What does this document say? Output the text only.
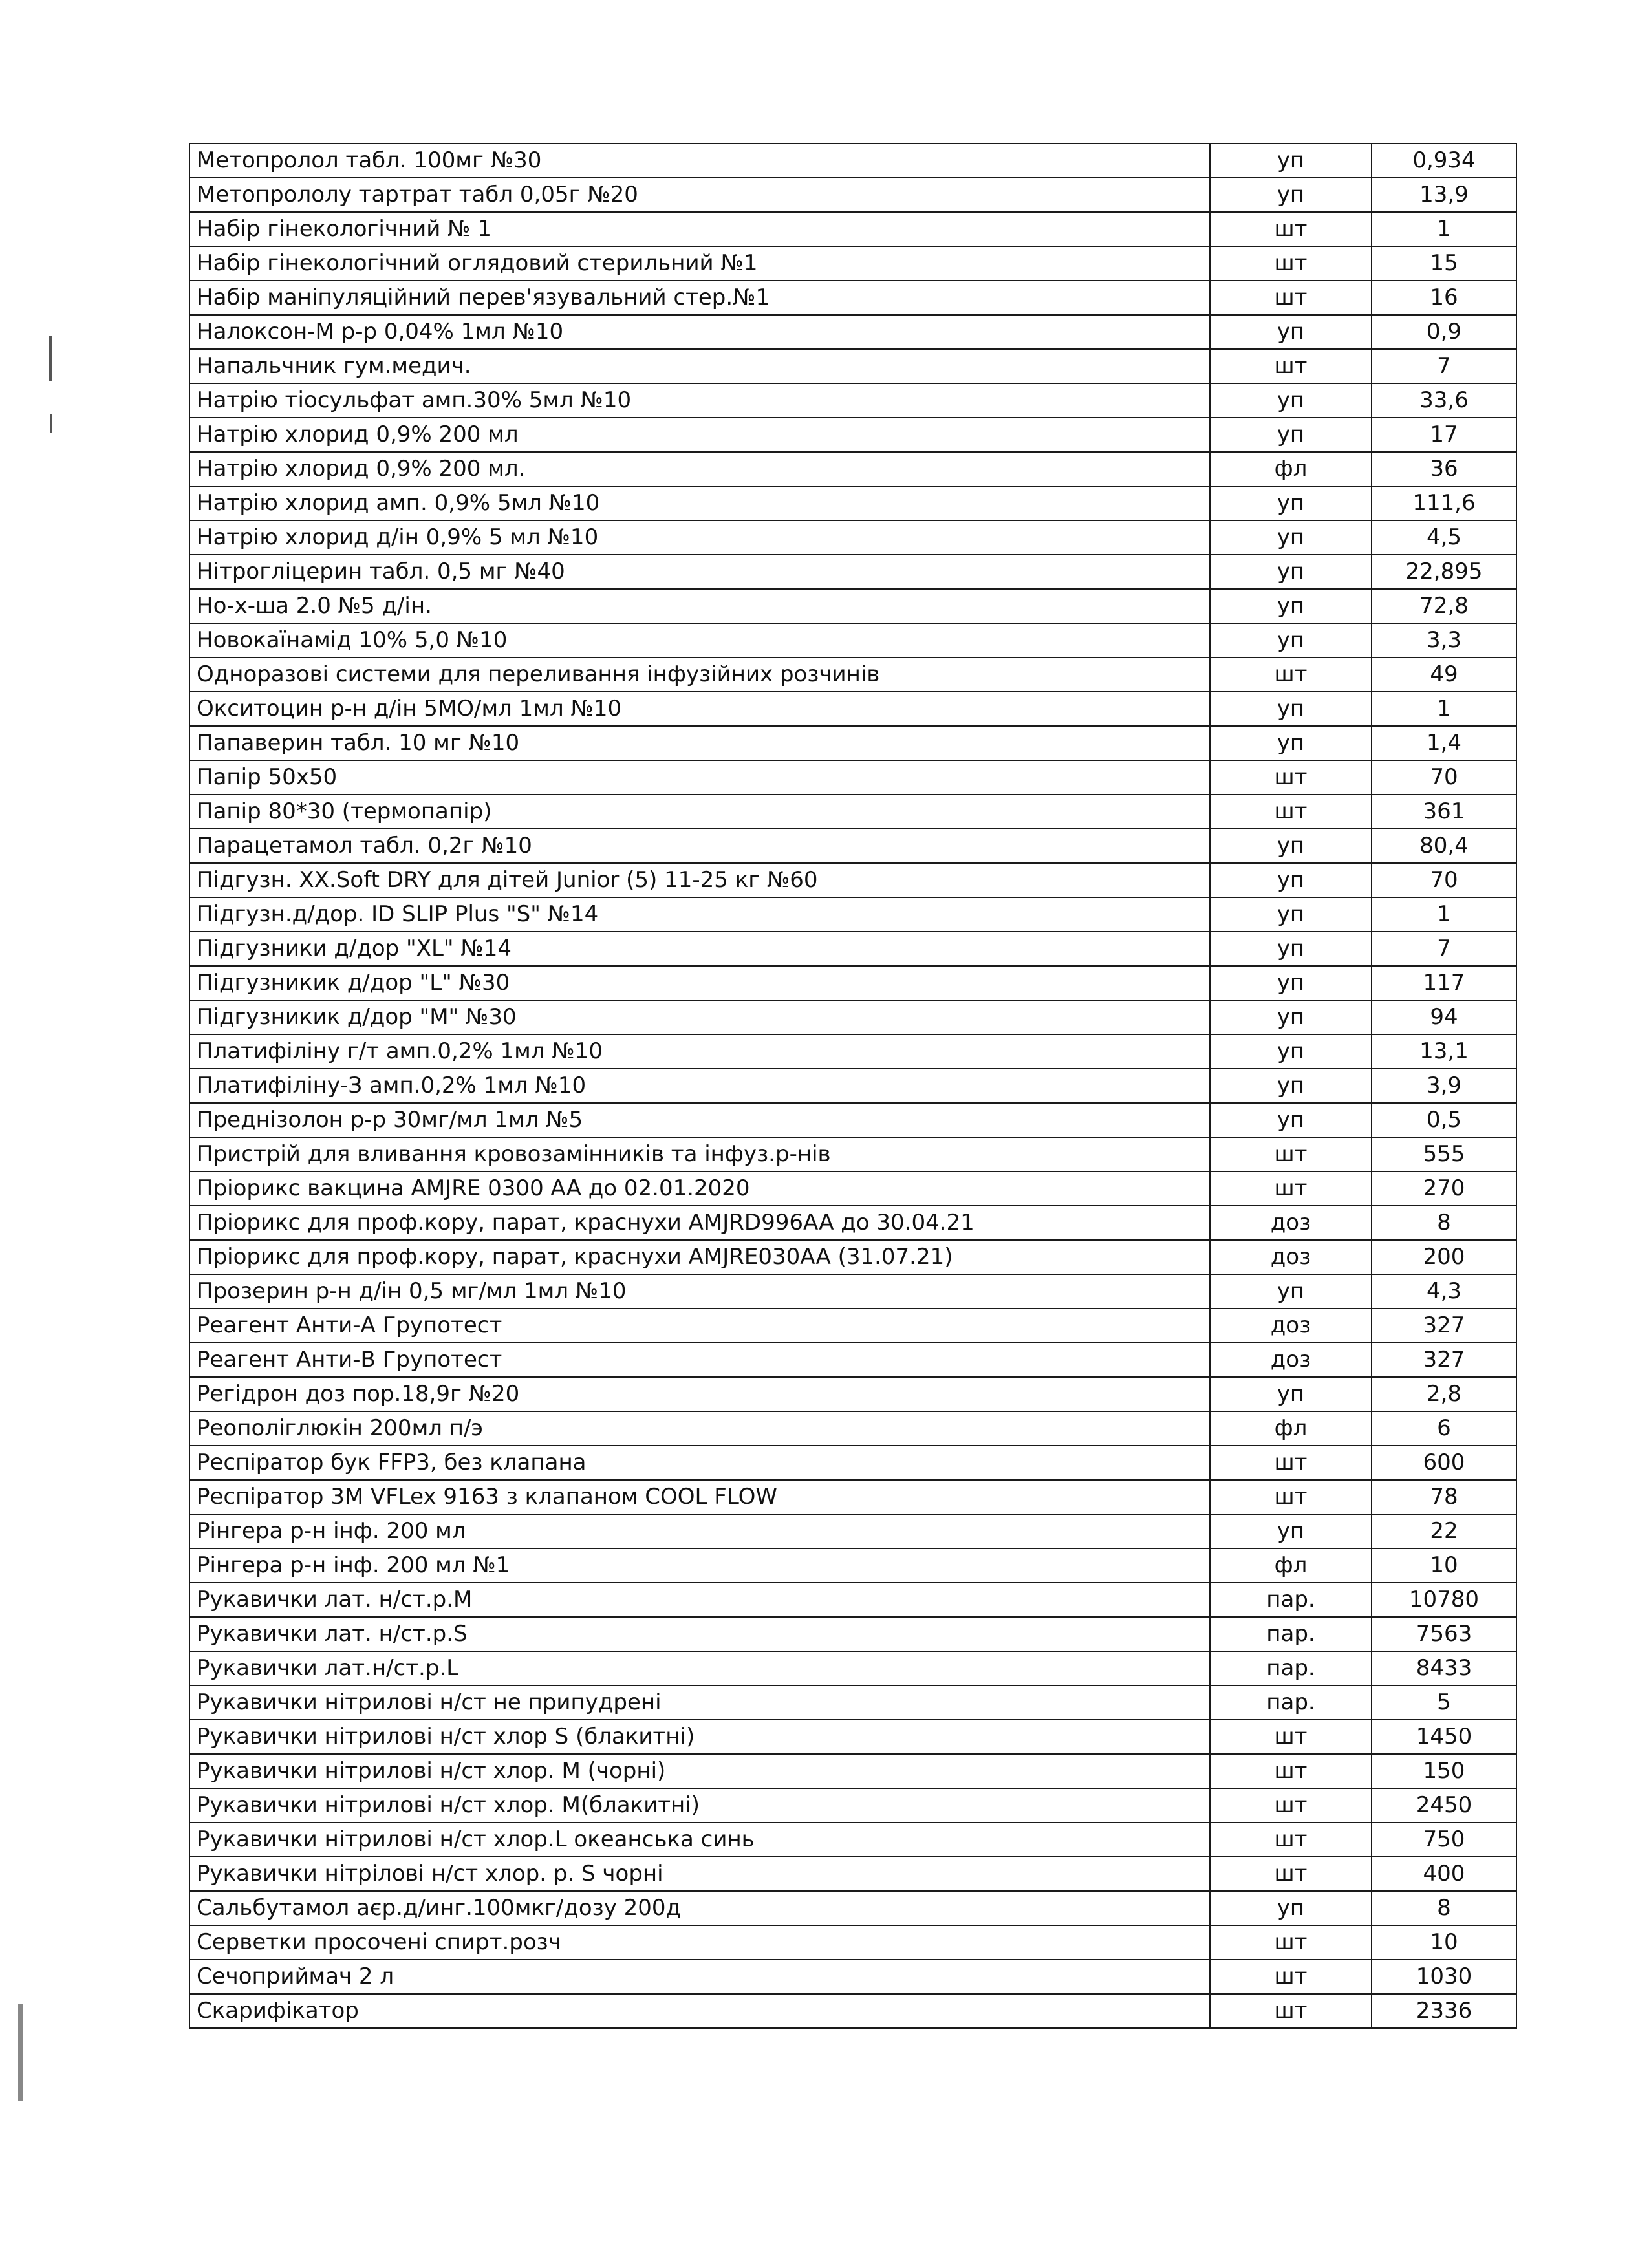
Метопролол табл. 100мг №30	уп	0,934
Метопрололу тартрат табл 0,05г №20	уп	13,9
Набір гінекологічний № 1	шт	1
Набір гінекологічний оглядовий стерильний №1	шт	15
Набір маніпуляційний перев'язувальний стер.№1	шт	16
Налоксон-М р-р 0,04% 1мл №10	уп	0,9
Напальчник гум.медич.	шт	7
Натрію тіосульфат амп.30% 5мл №10	уп	33,6
Натрію хлорид 0,9% 200 мл	уп	17
Натрію хлорид 0,9% 200 мл.	фл	36
Натрію хлорид амп. 0,9% 5мл №10	уп	111,6
Натрію хлорид д/ін 0,9% 5 мл №10	уп	4,5
Нітрогліцерин табл. 0,5 мг №40	уп	22,895
Но-х-ша 2.0 №5 д/ін.	уп	72,8
Новокаїнамід 10% 5,0 №10	уп	3,3
Одноразові системи для переливання інфузійних розчинів	шт	49
Окситоцин р-н д/ін 5МО/мл 1мл №10	уп	1
Папаверин табл. 10 мг №10	уп	1,4
Папір 50х50	шт	70
Папір 80*30 (термопапір)	шт	361
Парацетамол табл. 0,2г №10	уп	80,4
Підгузн. XX.Soft DRY для дітей Junior (5) 11-25 кг №60	уп	70
Підгузн.д/дор. ID SLIP Plus "S" №14	уп	1
Підгузники д/дор "XL" №14	уп	7
Підгузникик д/дор "L" №30	уп	117
Підгузникик д/дор "M" №30	уп	94
Платифіліну г/т амп.0,2% 1мл №10	уп	13,1
Платифіліну-З амп.0,2% 1мл №10	уп	3,9
Преднізолон р-р 30мг/мл 1мл №5	уп	0,5
Пристрій для вливання кровозамінників та інфуз.р-нів	шт	555
Пріорикс вакцина AMJRE 0300 AA до 02.01.2020	шт	270
Пріорикс для проф.кору, парат, краснухи AMJRD996AA до 30.04.21	доз	8
Пріорикс для проф.кору, парат, краснухи AMJRE030AA (31.07.21)	доз	200
Прозерин р-н д/ін 0,5 мг/мл 1мл №10	уп	4,3
Реагент Анти-А Групотест	доз	327
Реагент Анти-В Групотест	доз	327
Регідрон доз пор.18,9г №20	уп	2,8
Реополіглюкін 200мл п/э	фл	6
Респіратор бук FFP3, без клапана	шт	600
Респіратор 3M VFLex 9163 з клапаном COOL FLOW	шт	78
Рінгера р-н інф. 200 мл	уп	22
Рінгера р-н інф. 200 мл №1	фл	10
Рукавички лат. н/ст.р.M	пар.	10780
Рукавички лат. н/ст.р.S	пар.	7563
Рукавички лат.н/ст.р.L	пар.	8433
Рукавички нітрилові н/ст не припудрені	пар.	5
Рукавички нітрилові н/ст хлор S (блакитні)	шт	1450
Рукавички нітрилові н/ст хлор. M (чорні)	шт	150
Рукавички нітрилові н/ст хлор. M(блакитні)	шт	2450
Рукавички нітрилові н/ст хлор.L океанська синь	шт	750
Рукавички нітрілові н/ст хлор. р. S чорні	шт	400
Сальбутамол аєр.д/инг.100мкг/дозу 200д	уп	8
Серветки просочені спирт.розч	шт	10
Сечоприймач 2 л	шт	1030
Скарифікатор	шт	2336
